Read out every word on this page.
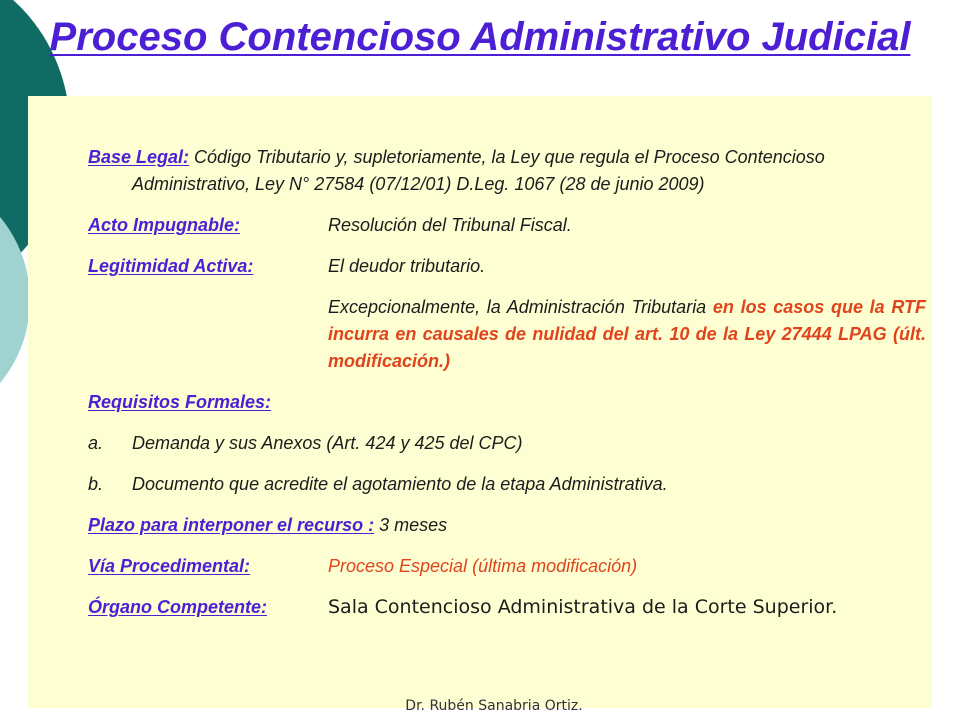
Proceso Contencioso Administrativo Judicial
Base Legal: Código Tributario y, supletoriamente, la Ley que regula el Proceso Contencioso Administrativo, Ley N° 27584 (07/12/01) D.Leg. 1067 (28 de junio 2009)
Acto Impugnable:	Resolución del Tribunal Fiscal.
Legitimidad Activa:	El deudor tributario.
Excepcionalmente, la Administración Tributaria en los casos que la RTF incurra en causales de nulidad del art. 10 de la Ley 27444 LPAG (últ. modificación.)
Requisitos Formales:
a.	Demanda y sus Anexos (Art. 424 y 425 del CPC)
b.	Documento que acredite el agotamiento de la etapa Administrativa.
Plazo para interponer el recurso : 3 meses
Vía Procedimental:	Proceso Especial (última modificación)
Órgano Competente:	Sala Contencioso Administrativa de la Corte Superior.
Dr. Rubén Sanabria Ortiz.
